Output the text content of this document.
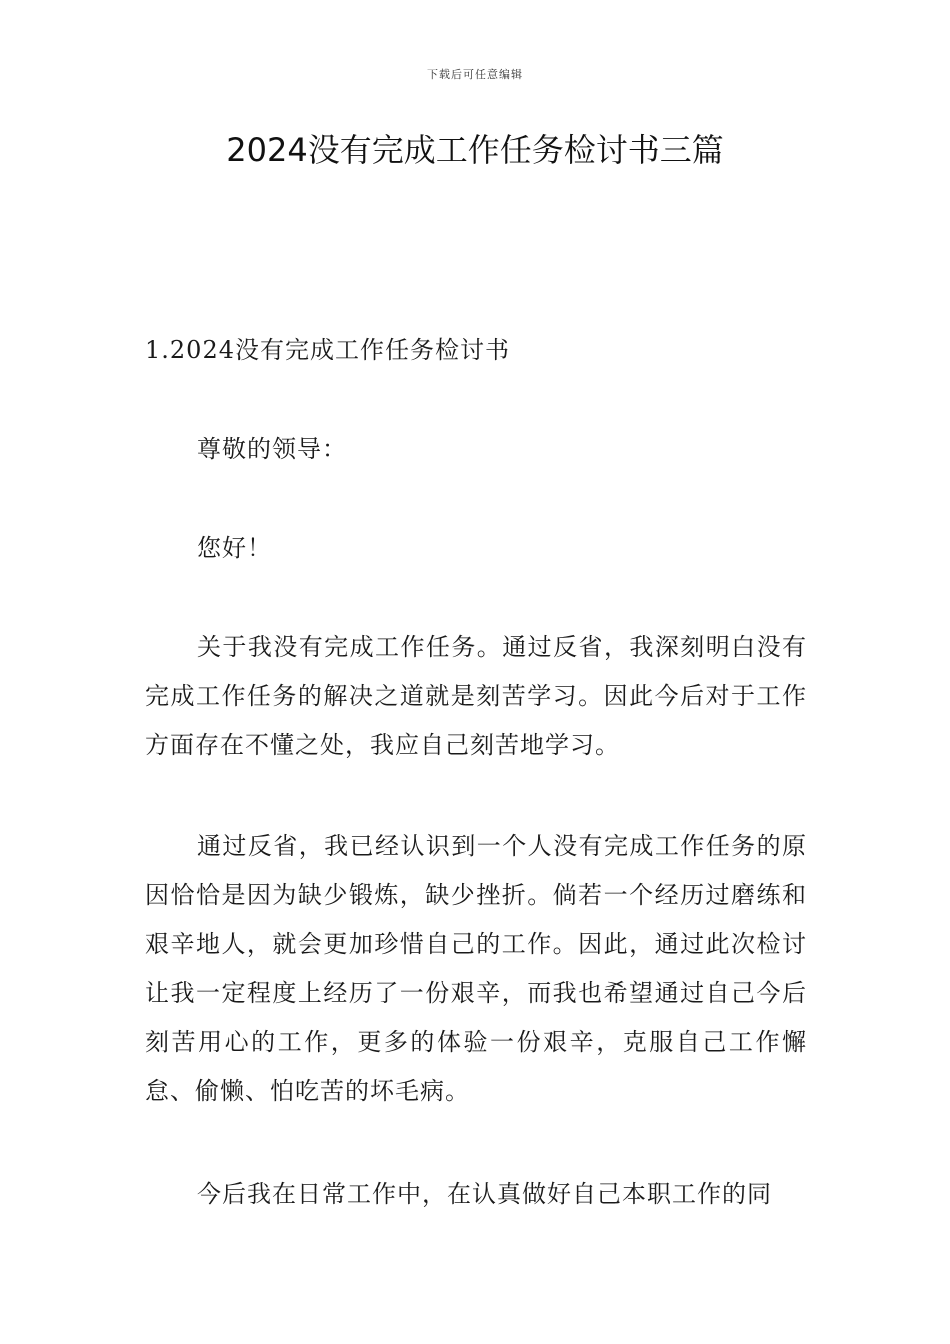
下载后可任意编辑
2024没有完成工作任务检讨书三篇

1.2024没有完成工作任务检讨书

尊敬的领导：

您好！

关于我没有完成工作任务。通过反省，我深刻明白没有完成工作任务的解决之道就是刻苦学习。因此今后对于工作方面存在不懂之处，我应自己刻苦地学习。

通过反省，我已经认识到一个人没有完成工作任务的原因恰恰是因为缺少锻炼，缺少挫折。倘若一个经历过磨练和艰辛地人，就会更加珍惜自己的工作。因此，通过此次检讨让我一定程度上经历了一份艰辛，而我也希望通过自己今后刻苦用心的工作，更多的体验一份艰辛，克服自己工作懈怠、偷懒、怕吃苦的坏毛病。

今后我在日常工作中，在认真做好自己本职工作的同
